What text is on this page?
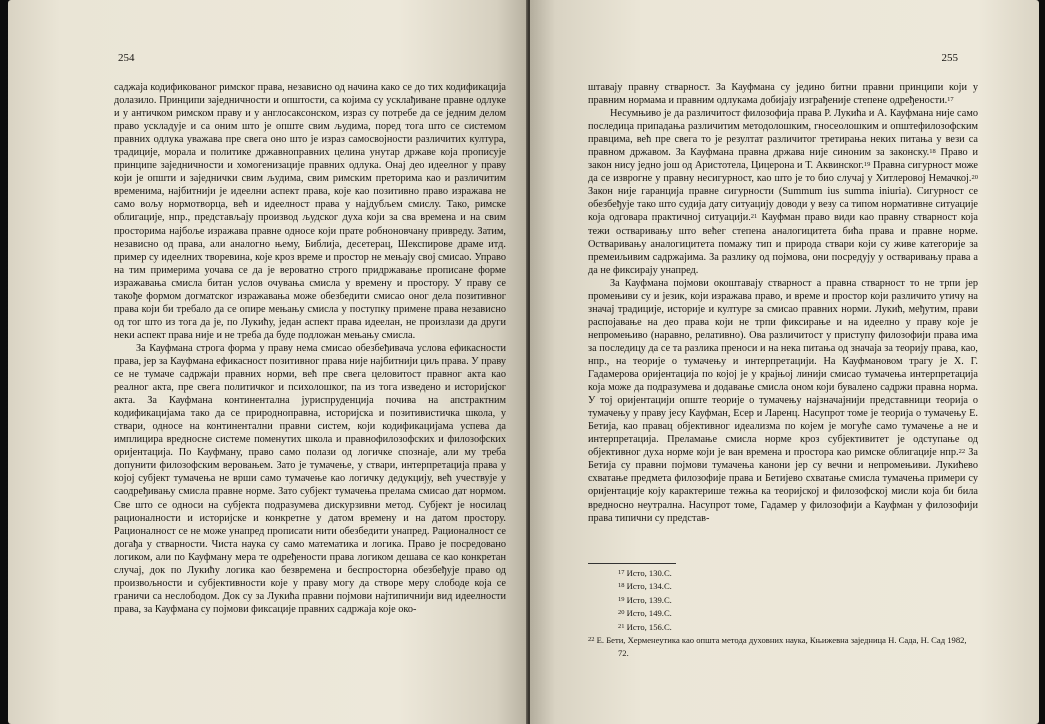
254

саджаја кодификованог римског права, независно од начина како се до тих кодификација долазило. Принципи заједничности и општости, са којима су усклађиване правне одлуке и у античком римском праву и у англосаксонском, израз су потребе да се једним делом право ускладује и са оним што је опште свим људима, поред тога што се системом правних одлука уважава пре свега оно што је израз самосвојности различитих култура, традиције, морала и политике државноправних целина унутар државе која прописује принципе заједничности и хомогенизације правних одлука. Онај део идеелног у праву који је општи и заједнички свим људима, свим римским преторима као и различитим временима, најбитнији је идеелни аспект права, које као позитивно право изражава не само вољу нормотворца, већ и идеелност права у најдубљем смислу. Тако, римске облигације, нпр., представљају производ људског духа који за сва времена и на свим просторима најбоље изражава правне односе који прате робноновчану привреду. Затим, независно од права, али аналогно њему, Библија, десетерац, Шекспирове драме итд. пример су идеелних творевина, које кроз време и простор не мењају своj смисао. Управо на тим примерима уочава се да је вероватно строго придржавање прописане форме изражавања смисла битан услов очувања смисла у времену и простору. У праву се такође формом догматског изражавања може обезбедити смисао оног дела позитивног права који би требало да се опире мењању смисла у поступку примене права независно од тог што из тога да је, по Лукићу, један аспект права идеелан, не произлази да други неки аспект права није и не треба да буде подложан мењању смисла.

За Кауфмана строга форма у праву нема смисао обезбеђивача услова ефикасности права, јер за Кауфмана ефикасност позитивног права није најбитнији циљ права. У праву се не тумаче садржаји правних норми, већ пре свега целовитост правног акта као реалног акта, пре свега политичког и психолошког, па из тога изведено и историјског акта. За Кауфмана континентална јуриспруденција почива на апстрактним кодификацијама тако да се природноправна, историјска и позитивистичка школа, у ствари, односе на континентални правни систем, који кодификацијама успева да имплицира вредносне системе поменутих школа и правнофилозофских и филозофских оријентација. По Кауфману, право само полази од логичке спознаје, али му треба допунити филозофским веровањем. Зато је тумачење, у ствари, интерпретација права у којој субјект тумачења не врши само тумачење као логичку дедукцију, већ учествује у саодређивању смисла правне норме. Зато субјект тумачења прелама смисао дат нормом. Све што се односи на субјекта подразумева дискурзивни метод. Субјект је носилац рационалности и историјске и конкретне у датом времену и на датом простору. Рационалност се не може унапред прописати нити обезбедити унапред. Рационалност се догађа у стварности. Чиста наука су само математика и логика. Право је посредовано логиком, али по Кауфману мера те одређености права логиком дешава се као конкретан случај, док по Лукићу логика као безвремена и беспросторна обезбеђује право од произвољности и субјективности које у праву могу да створе меру слободе која се граничи са неслободом. Док су за Лукића правни појмови најтипичнији вид идеелности права, за Кауфмана су појмови фиксације правних садржаја које око-

255

штавају правну стварност. За Кауфмана су једино битни правни принципи који у правним нормама и правним одлукама добијају изграђеније степене одређености.$^{17}$

Несумњиво је да различитост филозофија права Р. Лукића и А. Кауфмана није само последица припадања различитим методолошким, гносеолошким и општефилозофским правцима, већ пре свега то је резултат различитог третирања неких питања у вези са правном државом. За Кауфмана правна држава није синоним за законску.$^{18}$ Право и закон нису једно још од Аристотела, Цицерона и Т. Аквинског.$^{19}$ Правна сигурност може да се изврогне у правну несигурност, као што је то био случај у Хитлеровој Немачкој.$^{20}$ Закон није гаранција правне сигурности (Summum ius summa iniuria). Сигурност се обезбеђује тако што судија дату ситуацију доводи у везу са типом нормативне ситуације која одговара практичној ситуацији.$^{21}$ Кауфман право види као правну стварност која тежи остваривању што већег степена аналогицитета бића права и правне норме. Остваривању аналогицитета помажу тип и природа ствари који су живе категорије за премеиљивим садржајима. За разлику од појмова, они посредују у остваривању права а да не фиксирају унапред.

За Кауфмана појмови окоштавају стварност а правна стварност то не трпи јер промењиви су и језик, који изражава право, и време и простор који различито утичу на значај традиције, историје и културе за смисао правних норми. Лукић, међутим, прави распојавање на део права који не трпи фиксирање и на идеелно у праву које је непромењиво (наравно, релативно). Ова различитост у приступу филозофији права има за последицу да се та разлика преноси и на нека питања од значаја за теорију права, као, нпр., на теорије о тумачењу и интерпретацији. На Кауфмановом трагу је Х. Г. Гадамерова оријентација по којој је у крајњој линији смисао тумачења интерпретација која може да подразумева и додавање смисла оном који бувалено садржи правна норма. У тој оријентацији опште теорије о тумачењу најзначајнији представници теорија о тумачењу у праву јесу Кауфман, Есер и Ларенц. Насупрот томе је теорија о тумачењу Е. Бетија, као правац објективног идеализма по којем је могуће само тумачење а не и интерпретација. Преламање смисла норме кроз субјективитет је одступање од објективног духа норме који је ван времена и простора као римске облигације нпр.$^{22}$ За Бетија су правни појмови тумачења канони јер су вечни и непромењиви. Лукићево схватање предмета филозофије права и Бетијево схватање смисла тумачења примери су оријентације коју карактерише тежња ка теоријској и филозофској мисли која би била вредносно неутрална. Насупрот томе, Гадамер у филозофији а Кауфман у филозофији права типични су представ-

$^{17}$ Исто, 130.С.

$^{18}$ Исто, 134.С.

$^{19}$ Исто, 139.С.

$^{20}$ Исто, 149.С.

$^{21}$ Исто, 156.С.

$^{22}$ Е. Бети, Херменеутика као општа метода духовних наука, Књижевна заједница Н. Сада, Н. Сад 1982, 72.
